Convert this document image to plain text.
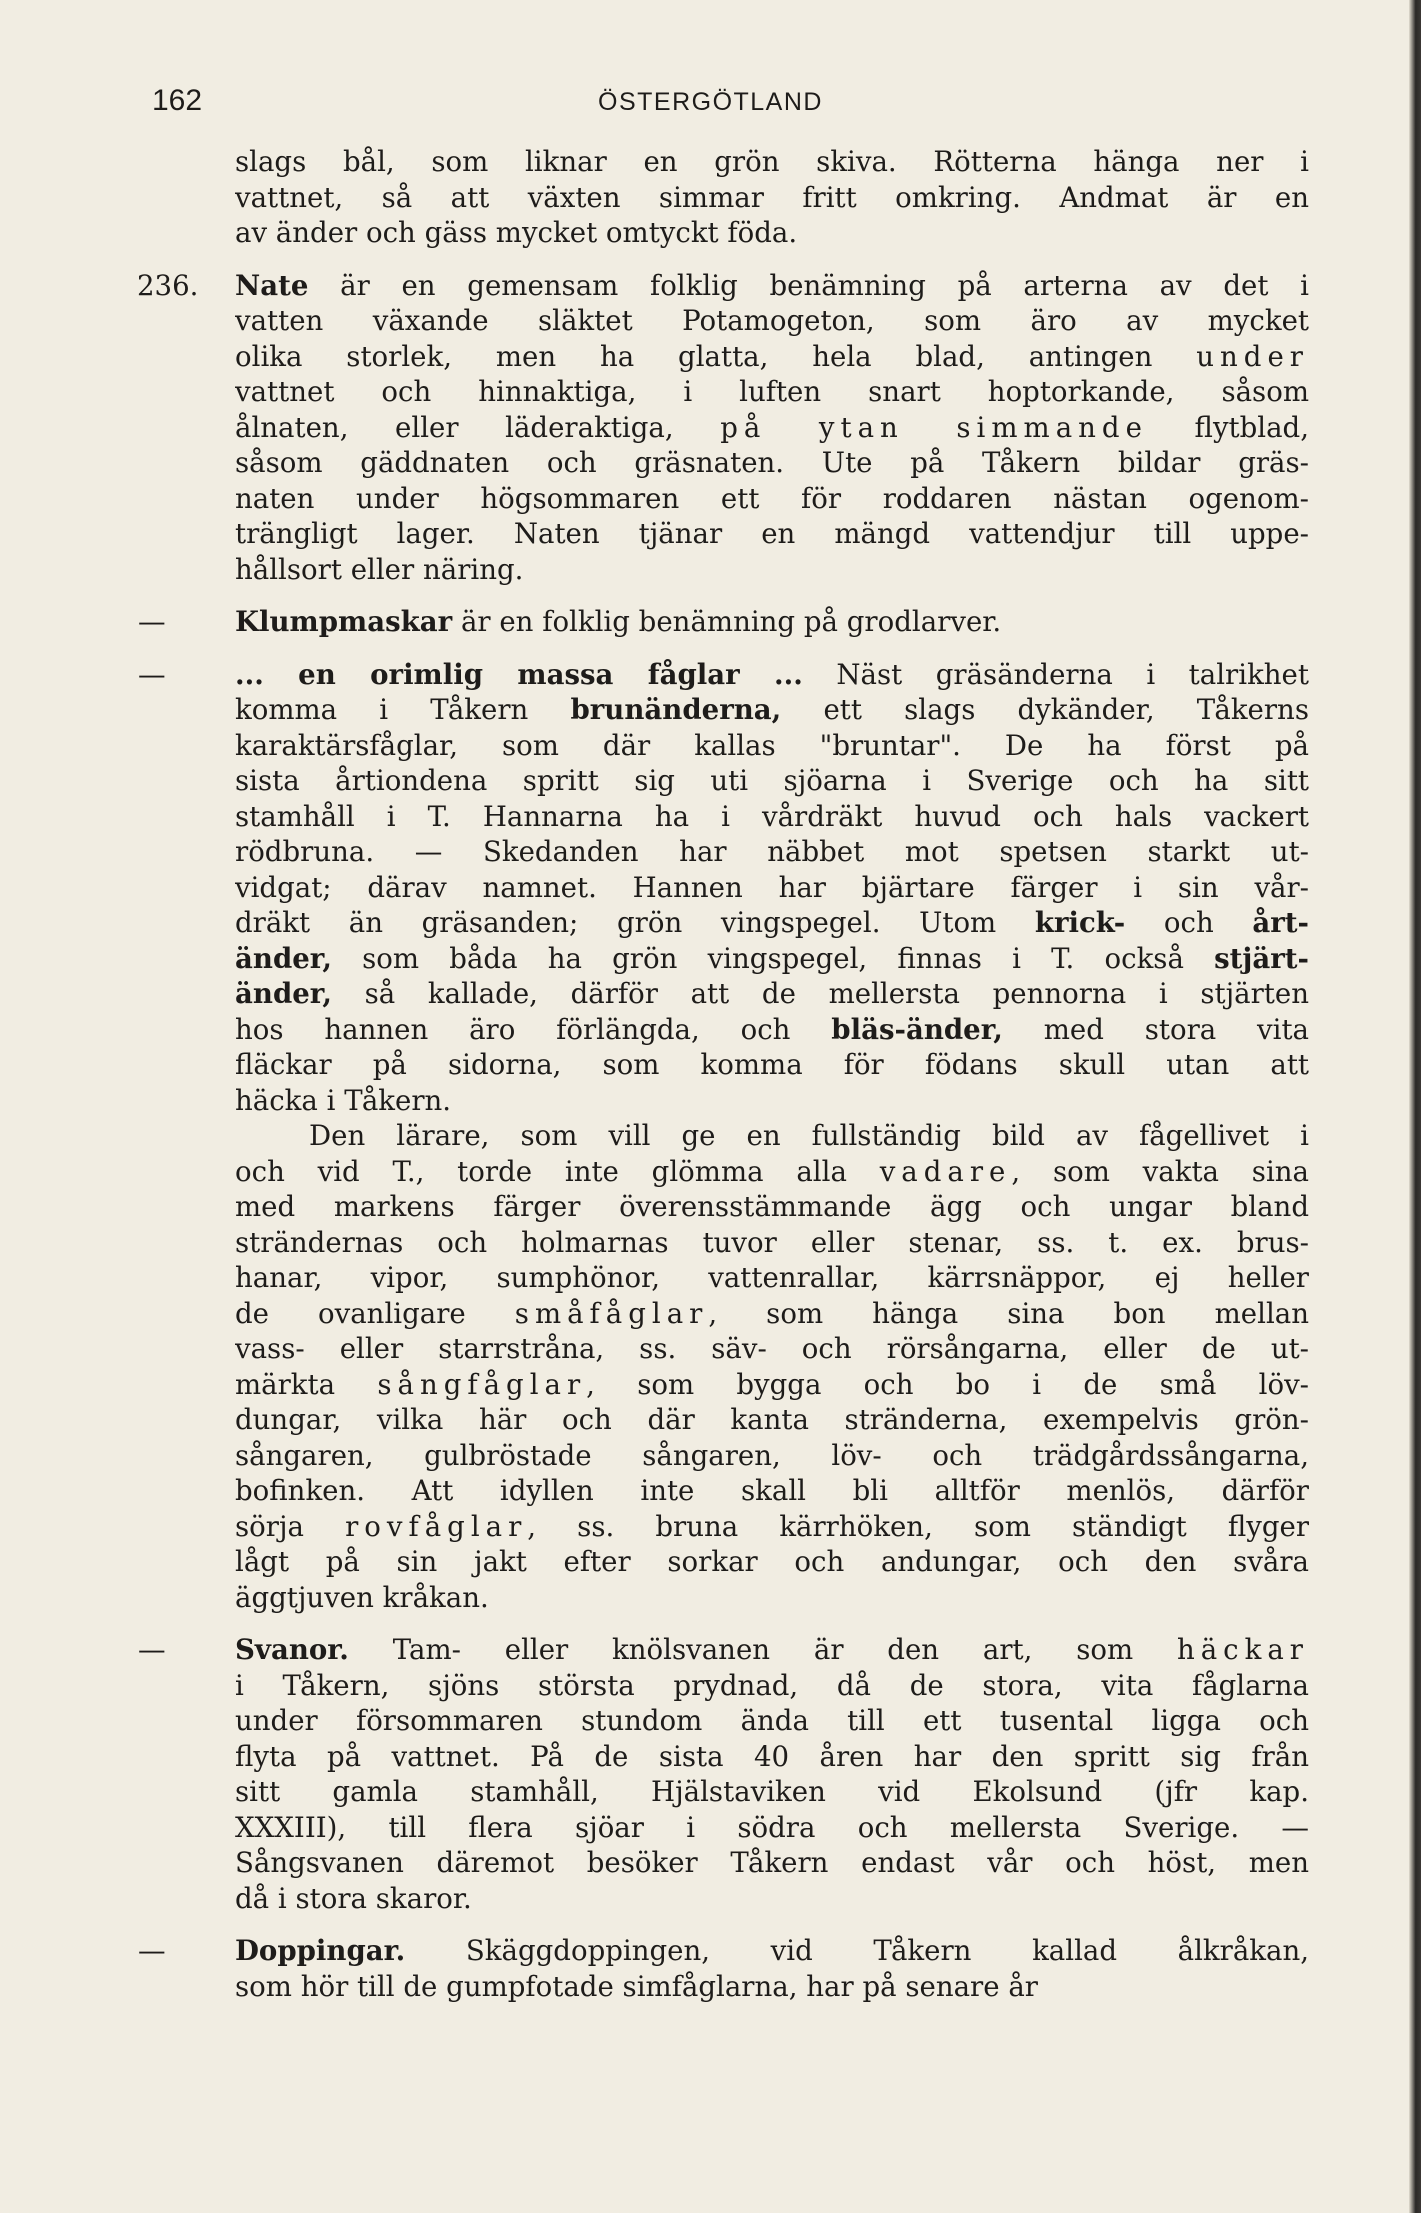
162	ÖSTERGÖTLAND
slags bål, som liknar en grön skiva. Rötterna hänga ner i
vattnet, så att växten simmar fritt omkring. Andmat är en
av änder och gäss mycket omtyckt föda.
236. Nate är en gemensam folklig benämning på arterna av det i
vatten växande släktet Potamogeton, som äro av mycket
olika storlek, men ha glatta, hela blad, antingen under
vattnet och hinnaktiga, i luften snart hoptorkande, såsom
ålnaten, eller läderaktiga, på ytan simmande flytblad,
såsom gäddnaten och gräsnaten. Ute på Tåkern bildar gräs-
naten under högsommaren ett för roddaren nästan ogenom-
trängligt lager. Naten tjänar en mängd vattendjur till uppe-
hållsort eller näring.
—	Klumpmaskar är en folklig benämning på grodlarver.
—	... en orimlig massa fåglar ... Näst gräsänderna i talrikhet
komma i Tåkern brunänderna, ett slags dykänder, Tåkerns
karaktärsfåglar, som där kallas "bruntar". De ha först på
sista årtiondena spritt sig uti sjöarna i Sverige och ha sitt
stamhåll i T. Hannarna ha i vårdräkt huvud och hals vackert
rödbruna. — Skedanden har näbbet mot spetsen starkt ut-
vidgat; därav namnet. Hannen har bjärtare färger i sin vår-
dräkt än gräsanden; grön vingspegel. Utom krick- och årt-
änder, som båda ha grön vingspegel, finnas i T. också stjärt-
änder, så kallade, därför att de mellersta pennorna i stjärten
hos hannen äro förlängda, och bläs-änder, med stora vita
fläckar på sidorna, som komma för födans skull utan att
häcka i Tåkern.
Den lärare, som vill ge en fullständig bild av fågellivet i
och vid T., torde inte glömma alla vadare, som vakta sina
med markens färger överensstämmande ägg och ungar bland
strändernas och holmarnas tuvor eller stenar, ss. t. ex. brus-
hanar, vipor, sumphönor, vattenrallar, kärrsnäppor, ej heller
de ovanligare småfåglar, som hänga sina bon mellan
vass- eller starrstråna, ss. säv- och rörsångarna, eller de ut-
märkta sångfåglar, som bygga och bo i de små löv-
dungar, vilka här och där kanta stränderna, exempelvis grön-
sångaren, gulbröstade sångaren, löv- och trädgårdssångarna,
bofinken. Att idyllen inte skall bli alltför menlös, därför
sörja rovfåglar, ss. bruna kärrhöken, som ständigt flyger
lågt på sin jakt efter sorkar och andungar, och den svåra
äggtjuven kråkan.
—	Svanor. Tam- eller knölsvanen är den art, som häckar
i Tåkern, sjöns största prydnad, då de stora, vita fåglarna
under försommaren stundom ända till ett tusental ligga och
flyta på vattnet. På de sista 40 åren har den spritt sig från
sitt gamla stamhåll, Hjälstaviken vid Ekolsund (jfr kap.
XXXIII), till flera sjöar i södra och mellersta Sverige. —
Sångsvanen däremot besöker Tåkern endast vår och höst, men
då i stora skaror.
—	Doppingar. Skäggdoppingen, vid Tåkern kallad ålkråkan,
som hör till de gumpfotade simfåglarna, har på senare år
